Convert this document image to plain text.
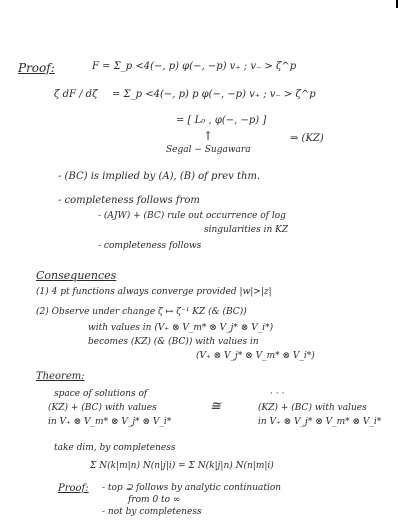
Proof:	F = Σ_p <4(−, p) φ(−, −p) v₊ ; v₋ > ζ^p
ζ dF / dζ = Σ_p <4(−, p) p φ(−, −p) v₊ ; v₋ > ζ^p
= [ L₀ , φ(−, −p) ]
↑
Segal − Sugawara
⇒ (KZ)
- (BC) is implied by (A), (B) of prev thm.
- completeness follows from
- (AJW) + (BC) rule out occurrence of log
singularities in KZ
- completeness follows
Consequences
(1) 4 pt functions always converge provided |w|>|z|
(2) Observe under change ζ ↦ ζ⁻¹ KZ (& (BC))
with values in (V₊ ⊗ V_m* ⊗ V_j* ⊗ V_i*)
becomes (KZ) (& (BC)) with values in
(V₊ ⊗ V_j* ⊗ V_m* ⊗ V_i*)
Theorem:
space of solutions of
(KZ) + (BC) with values
in V₊ ⊗ V_m* ⊗ V_j* ⊗ V_i*
≅
· · ·
(KZ) + (BC) with values
in V₊ ⊗ V_j* ⊗ V_m* ⊗ V_i*
take dim, by completeness
Σ N(k|m|n) N(n|j|i) = Σ N(k|j|n) N(n|m|i)
Proof: - top ⊋ follows by analytic continuation
from 0 to ∞
- not by completeness
